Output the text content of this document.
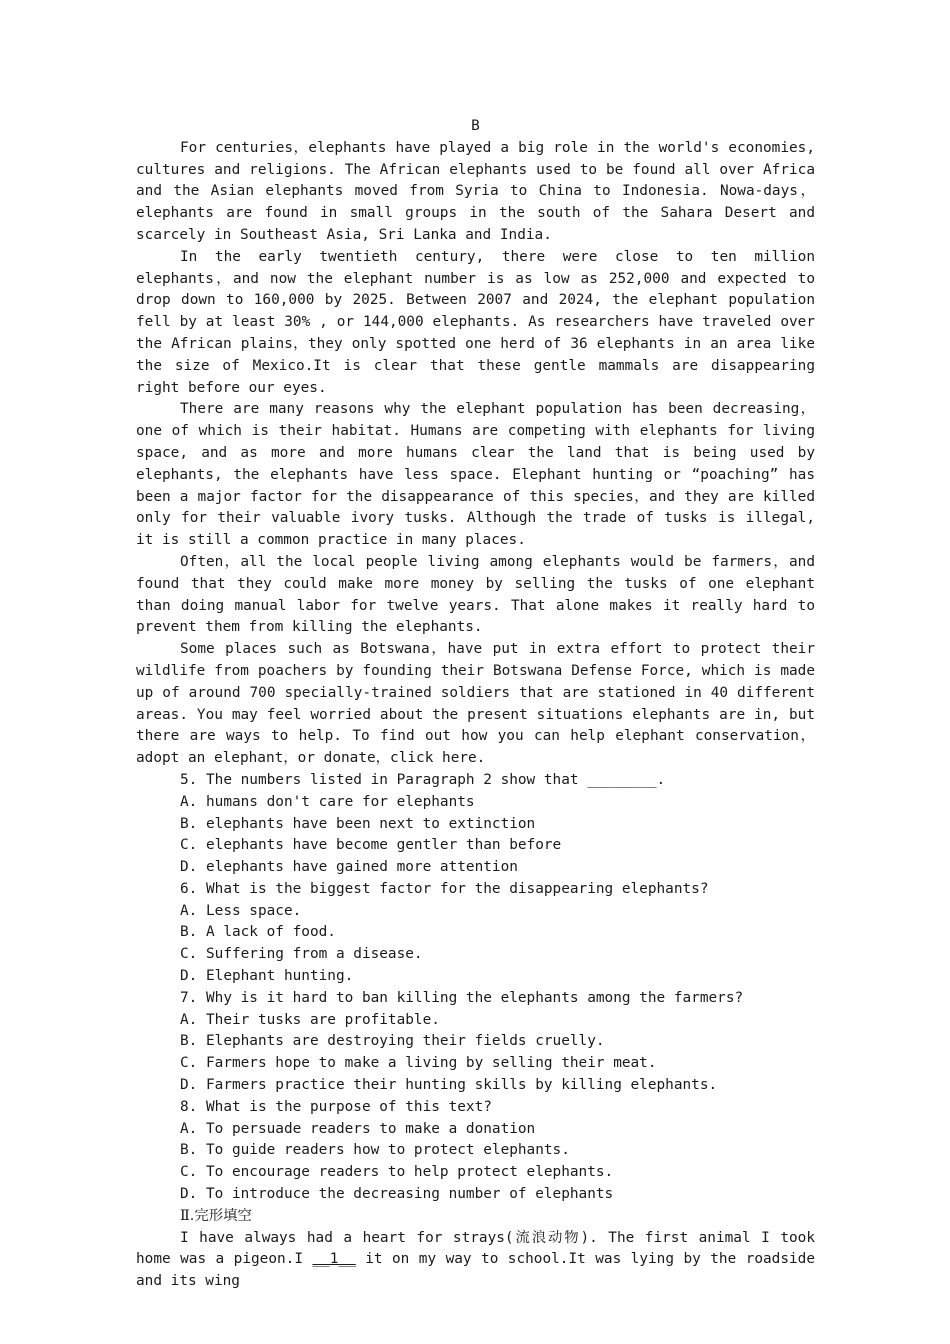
B

For centuries，elephants have played a big role in the world's economies, cultures and religions. The African elephants used to be found all over Africa and the Asian elephants moved from Syria to China to Indonesia. Nowa-days，elephants are found in small groups in the south of the Sahara Desert and scarcely in Southeast Asia, Sri Lanka and India.

In the early twentieth century, there were close to ten million elephants，and now the elephant number is as low as 252,000 and expected to drop down to 160,000 by 2025. Between 2007 and 2024, the elephant population fell by at least 30% , or 144,000 elephants. As researchers have traveled over the African plains，they only spotted one herd of 36 elephants in an area like the size of Mexico.It is clear that these gentle mammals are disappearing right before our eyes.

There are many reasons why the elephant population has been decreasing，one of which is their habitat. Humans are competing with elephants for living space, and as more and more humans clear the land that is being used by elephants, the elephants have less space. Elephant hunting or “poaching” has been a major factor for the disappearance of this species，and they are killed only for their valuable ivory tusks. Although the trade of tusks is illegal, it is still a common practice in many places.

Often，all the local people living among elephants would be farmers，and found that they could make more money by selling the tusks of one elephant than doing manual labor for twelve years. That alone makes it really hard to prevent them from killing the elephants.

Some places such as Botswana，have put in extra effort to protect their wildlife from poachers by founding their Botswana Defense Force, which is made up of around 700 specially-trained soldiers that are stationed in 40 different areas. You may feel worried about the present situations elephants are in, but there are ways to help. To find out how you can help elephant conservation，adopt an elephant，or donate，click here.

5. The numbers listed in Paragraph 2 show that ________.

A. humans don't care for elephants

B. elephants have been next to extinction

C. elephants have become gentler than before

D. elephants have gained more attention

6. What is the biggest factor for the disappearing elephants?

A. Less space.

B. A lack of food.

C. Suffering from a disease.

D. Elephant hunting.

7. Why is it hard to ban killing the elephants among the farmers?

A. Their tusks are profitable.

B. Elephants are destroying their fields cruelly.

C. Farmers hope to make a living by selling their meat.

D. Farmers practice their hunting skills by killing elephants.

8. What is the purpose of this text?

A. To persuade readers to make a donation

B. To guide readers how to protect elephants.

C. To encourage readers to help protect elephants.

D. To introduce the decreasing number of elephants

Ⅱ.完形填空

I have always had a heart for strays(流浪动物). The first animal I took home was a pigeon.I __1__ it on my way to school.It was lying by the roadside and its wing
